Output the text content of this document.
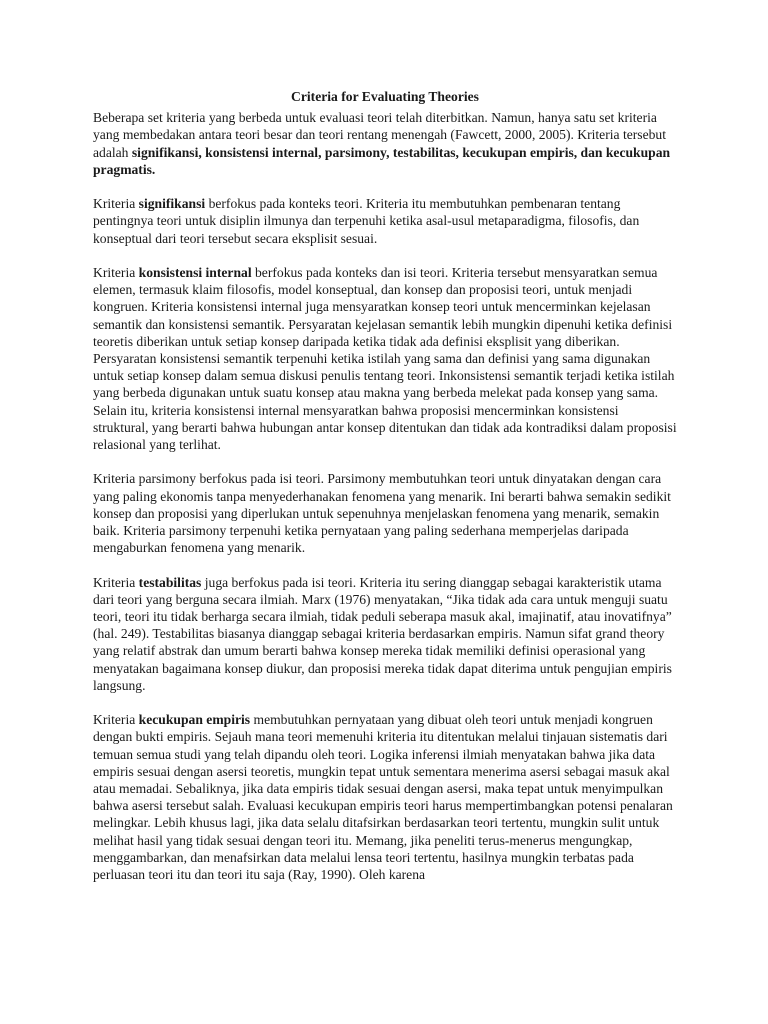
Criteria for Evaluating Theories

Beberapa set kriteria yang berbeda untuk evaluasi teori telah diterbitkan. Namun, hanya satu set kriteria yang membedakan antara teori besar dan teori rentang menengah (Fawcett, 2000, 2005). Kriteria tersebut adalah signifikansi, konsistensi internal, parsimony, testabilitas, kecukupan empiris, dan kecukupan pragmatis.

Kriteria signifikansi berfokus pada konteks teori. Kriteria itu membutuhkan pembenaran tentang pentingnya teori untuk disiplin ilmunya dan terpenuhi ketika asal-usul metaparadigma, filosofis, dan konseptual dari teori tersebut secara eksplisit sesuai.

Kriteria konsistensi internal berfokus pada konteks dan isi teori. Kriteria tersebut mensyaratkan semua elemen, termasuk klaim filosofis, model konseptual, dan konsep dan proposisi teori, untuk menjadi kongruen. Kriteria konsistensi internal juga mensyaratkan konsep teori untuk mencerminkan kejelasan semantik dan konsistensi semantik. Persyaratan kejelasan semantik lebih mungkin dipenuhi ketika definisi teoretis diberikan untuk setiap konsep daripada ketika tidak ada definisi eksplisit yang diberikan. Persyaratan konsistensi semantik terpenuhi ketika istilah yang sama dan definisi yang sama digunakan untuk setiap konsep dalam semua diskusi penulis tentang teori. Inkonsistensi semantik terjadi ketika istilah yang berbeda digunakan untuk suatu konsep atau makna yang berbeda melekat pada konsep yang sama. Selain itu, kriteria konsistensi internal mensyaratkan bahwa proposisi mencerminkan konsistensi struktural, yang berarti bahwa hubungan antar konsep ditentukan dan tidak ada kontradiksi dalam proposisi relasional yang terlihat.

Kriteria parsimony berfokus pada isi teori. Parsimony membutuhkan teori untuk dinyatakan dengan cara yang paling ekonomis tanpa menyederhanakan fenomena yang menarik. Ini berarti bahwa semakin sedikit konsep dan proposisi yang diperlukan untuk sepenuhnya menjelaskan fenomena yang menarik, semakin baik. Kriteria parsimony terpenuhi ketika pernyataan yang paling sederhana memperjelas daripada mengaburkan fenomena yang menarik.

Kriteria testabilitas juga berfokus pada isi teori. Kriteria itu sering dianggap sebagai karakteristik utama dari teori yang berguna secara ilmiah. Marx (1976) menyatakan, “Jika tidak ada cara untuk menguji suatu teori, teori itu tidak berharga secara ilmiah, tidak peduli seberapa masuk akal, imajinatif, atau inovatifnya” (hal. 249). Testabilitas biasanya dianggap sebagai kriteria berdasarkan empiris. Namun sifat grand theory yang relatif abstrak dan umum berarti bahwa konsep mereka tidak memiliki definisi operasional yang menyatakan bagaimana konsep diukur, dan proposisi mereka tidak dapat diterima untuk pengujian empiris langsung.

Kriteria kecukupan empiris membutuhkan pernyataan yang dibuat oleh teori untuk menjadi kongruen dengan bukti empiris. Sejauh mana teori memenuhi kriteria itu ditentukan melalui tinjauan sistematis dari temuan semua studi yang telah dipandu oleh teori. Logika inferensi ilmiah menyatakan bahwa jika data empiris sesuai dengan asersi teoretis, mungkin tepat untuk sementara menerima asersi sebagai masuk akal atau memadai. Sebaliknya, jika data empiris tidak sesuai dengan asersi, maka tepat untuk menyimpulkan bahwa asersi tersebut salah. Evaluasi kecukupan empiris teori harus mempertimbangkan potensi penalaran melingkar. Lebih khusus lagi, jika data selalu ditafsirkan berdasarkan teori tertentu, mungkin sulit untuk melihat hasil yang tidak sesuai dengan teori itu. Memang, jika peneliti terus-menerus mengungkap, menggambarkan, dan menafsirkan data melalui lensa teori tertentu, hasilnya mungkin terbatas pada perluasan teori itu dan teori itu saja (Ray, 1990). Oleh karena
